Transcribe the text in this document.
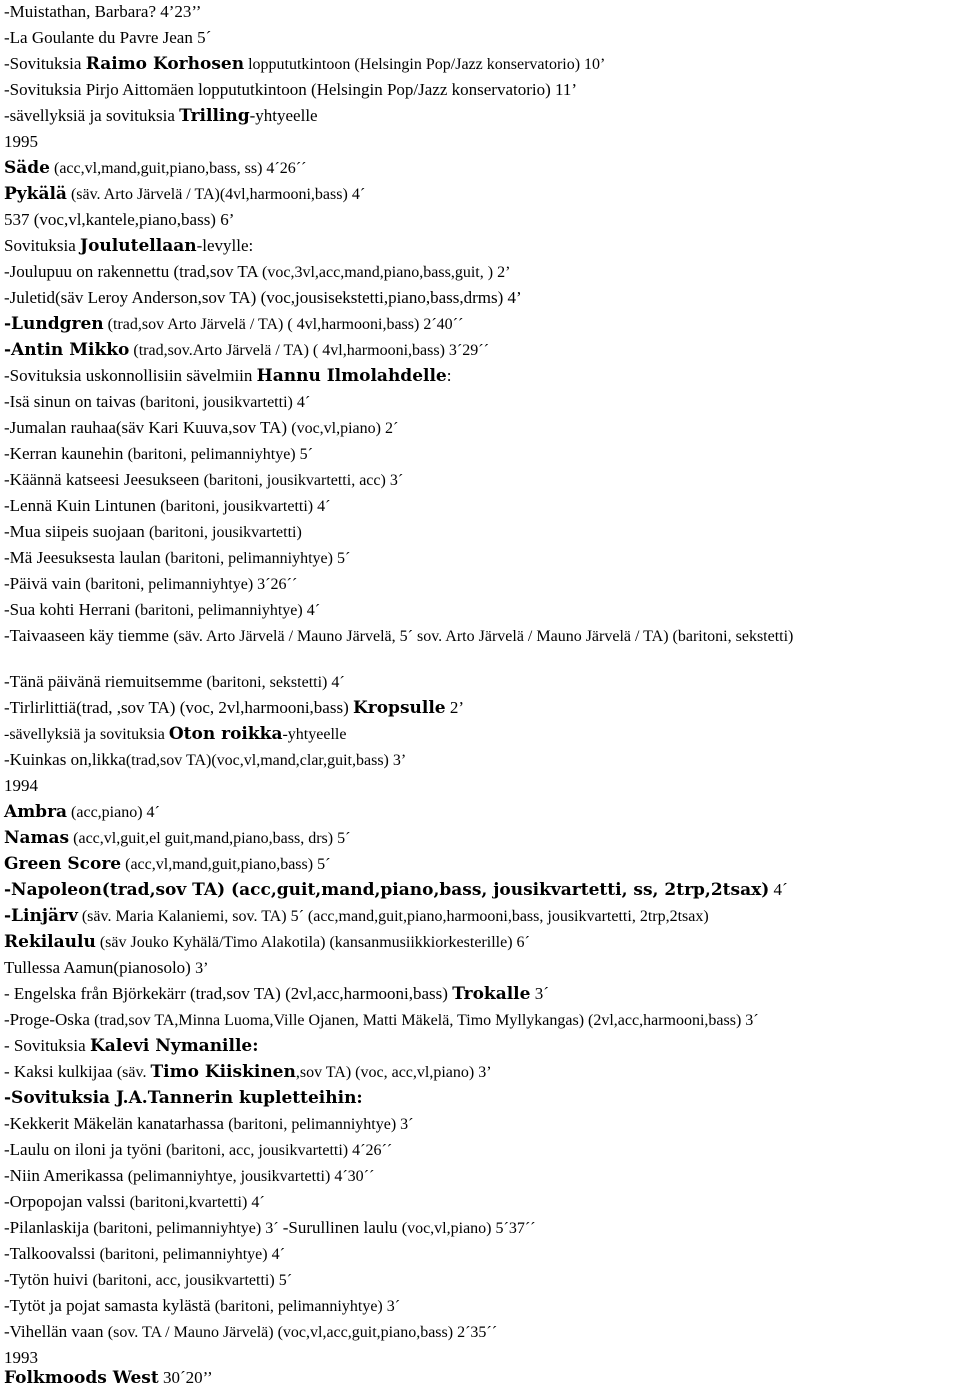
-Muistathan, Barbara? 4’23’’
-La Goulante du Pavre Jean 5´
-Sovituksia Raimo Korhosen loppututkintoon (Helsingin Pop/Jazz konservatorio) 10’
-Sovituksia Pirjo Aittomäen loppututkintoon (Helsingin Pop/Jazz konservatorio) 11’
-sävellyksiä ja sovituksia Trilling-yhtyeelle
1995
Säde (acc,vl,mand,guit,piano,bass, ss) 4´26´´
Pykälä (säv. Arto Järvelä / TA)(4vl,harmooni,bass) 4´
537 (voc,vl,kantele,piano,bass) 6’
Sovituksia Joulutellaan-levylle:
-Joulupuu on rakennettu (trad,sov TA (voc,3vl,acc,mand,piano,bass,guit, ) 2’
-Juletid(säv Leroy Anderson,sov TA) (voc,jousisekstetti,piano,bass,drms) 4’
-Lundgren (trad,sov Arto Järvelä / TA) ( 4vl,harmooni,bass) 2´40´´
-Antin Mikko (trad,sov.Arto Järvelä / TA) ( 4vl,harmooni,bass) 3´29´´
-Sovituksia uskonnollisiin sävelmiin Hannu Ilmolahdelle:
-Isä sinun on taivas (baritoni, jousikvartetti) 4´
-Jumalan rauhaa(säv Kari Kuuva,sov TA) (voc,vl,piano) 2´
-Kerran kaunehin (baritoni, pelimanniyhtye) 5´
-Käännä katseesi Jeesukseen (baritoni, jousikvartetti, acc) 3´
-Lennä Kuin Lintunen (baritoni, jousikvartetti) 4´
-Mua siipeis suojaan (baritoni, jousikvartetti)
-Mä Jeesuksesta laulan (baritoni, pelimanniyhtye) 5´
-Päivä vain (baritoni, pelimanniyhtye) 3´26´´
-Sua kohti Herrani (baritoni, pelimanniyhtye) 4´
-Taivaaseen käy tiemme (säv. Arto Järvelä / Mauno Järvelä, 5´ sov. Arto Järvelä / Mauno Järvelä / TA) (baritoni, sekstetti)
-Tänä päivänä riemuitsemme (baritoni, sekstetti) 4´
-Tirlirlittiä(trad, ,sov TA) (voc, 2vl,harmooni,bass) Kropsulle 2’
-sävellyksiä ja sovituksia Oton roikka-yhtyeelle
-Kuinkas on,likka(trad,sov TA)(voc,vl,mand,clar,guit,bass) 3’
1994
Ambra (acc,piano) 4´
Namas (acc,vl,guit,el guit,mand,piano,bass, drs) 5´
Green Score (acc,vl,mand,guit,piano,bass) 5´
-Napoleon(trad,sov TA) (acc,guit,mand,piano,bass, jousikvartetti, ss, 2trp,2tsax) 4´
-Linjärv (säv. Maria Kalaniemi, sov. TA) 5´ (acc,mand,guit,piano,harmooni,bass, jousikvartetti, 2trp,2tsax)
Rekilaulu (säv Jouko Kyhälä/Timo Alakotila) (kansanmusiikkiorkesterille) 6´
Tullessa Aamun(pianosolo) 3’
- Engelska från Björkekärr (trad,sov TA) (2vl,acc,harmooni,bass) Trokalle 3´
-Proge-Oska (trad,sov TA,Minna Luoma,Ville Ojanen, Matti Mäkelä, Timo Myllykangas) (2vl,acc,harmooni,bass) 3´
- Sovituksia Kalevi Nymanille:
- Kaksi kulkijaa (säv. Timo Kiiskinen,sov TA) (voc, acc,vl,piano) 3’
-Sovituksia J.A.Tannerin kupletteihin:
-Kekkerit Mäkelän kanatarhassa (baritoni, pelimanniyhtye) 3´
-Laulu on iloni ja työni (baritoni, acc, jousikvartetti) 4´26´´
-Niin Amerikassa (pelimanniyhtye, jousikvartetti) 4´30´´
-Orpopojan valssi (baritoni,kvartetti) 4´
-Pilanlaskija (baritoni, pelimanniyhtye) 3´ -Surullinen laulu (voc,vl,piano) 5´37´´
-Talkoovalssi (baritoni, pelimanniyhtye) 4´
-Tytön huivi (baritoni, acc, jousikvartetti) 5´
-Tytöt ja pojat samasta kylästä (baritoni, pelimanniyhtye) 3´
-Vihellän vaan (sov. TA / Mauno Järvelä) (voc,vl,acc,guit,piano,bass) 2´35´´
1993
Folkmoods West 30´20’’
